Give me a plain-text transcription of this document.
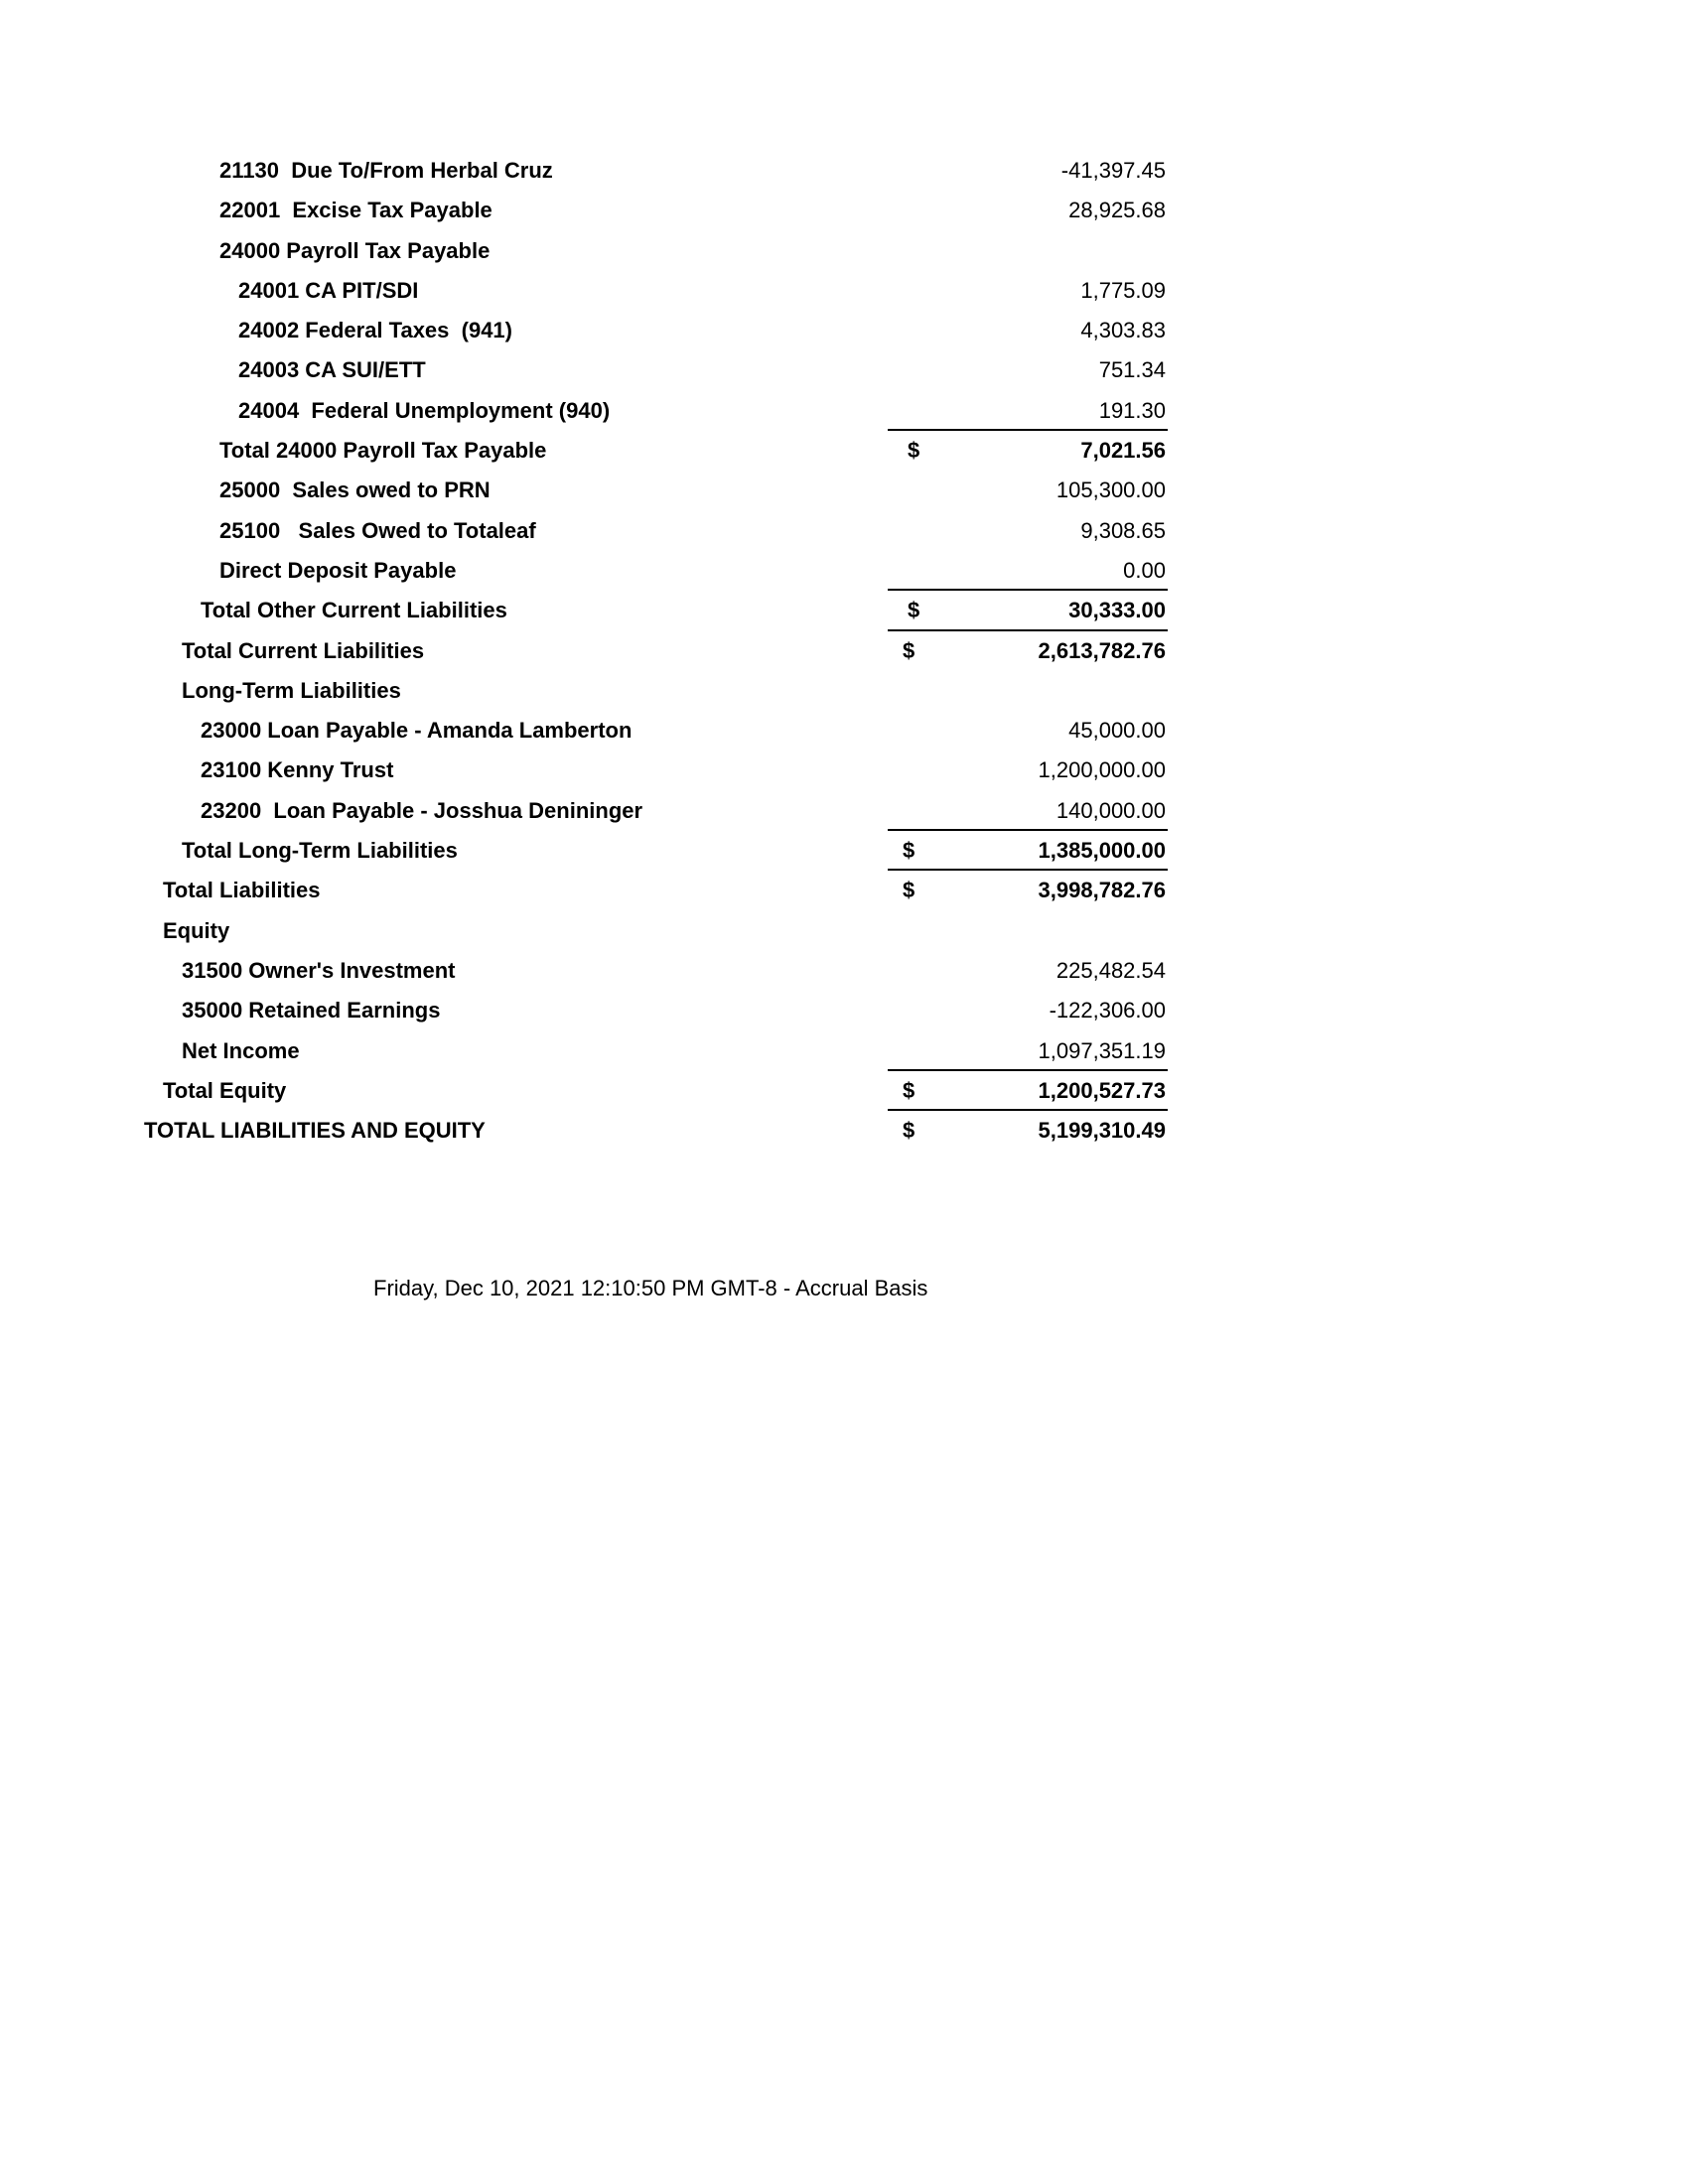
21130  Due To/From Herbal Cruz	-41,397.45
22001  Excise Tax Payable	28,925.68
24000 Payroll Tax Payable
24001 CA PIT/SDI	1,775.09
24002 Federal Taxes  (941)	4,303.83
24003 CA SUI/ETT	751.34
24004  Federal Unemployment (940)	191.30
Total 24000 Payroll Tax Payable	$	7,021.56
25000  Sales owed to PRN	105,300.00
25100   Sales Owed to Totaleaf	9,308.65
Direct Deposit Payable	0.00
Total Other Current Liabilities	$	30,333.00
Total Current Liabilities	$	2,613,782.76
Long-Term Liabilities
23000 Loan Payable - Amanda Lamberton	45,000.00
23100 Kenny Trust	1,200,000.00
23200  Loan Payable - Josshua Denininger	140,000.00
Total Long-Term Liabilities	$	1,385,000.00
Total Liabilities	$	3,998,782.76
Equity
31500 Owner's Investment	225,482.54
35000 Retained Earnings	-122,306.00
Net Income	1,097,351.19
Total Equity	$	1,200,527.73
TOTAL LIABILITIES AND EQUITY	$	5,199,310.49
Friday, Dec 10, 2021 12:10:50 PM GMT-8 - Accrual Basis
